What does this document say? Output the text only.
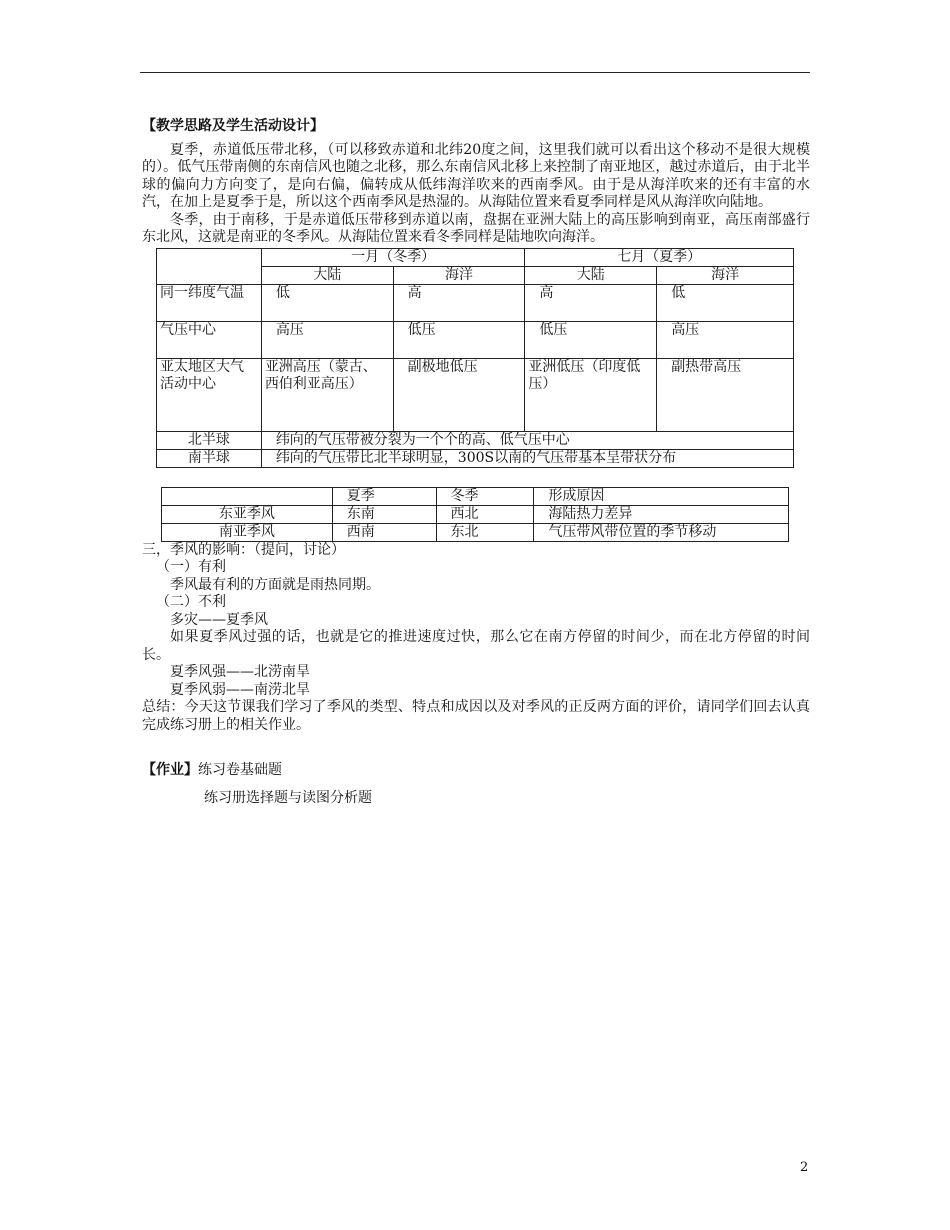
【教学思路及学生活动设计】

夏季，赤道低压带北移，（可以移致赤道和北纬20度之间，这里我们就可以看出这个移动不是很大规模的）。低气压带南侧的东南信风也随之北移，那么东南信风北移上来控制了南亚地区，越过赤道后，由于北半球的偏向力方向变了，是向右偏，偏转成从低纬海洋吹来的西南季风。由于是从海洋吹来的还有丰富的水汽，在加上是夏季于是，所以这个西南季风是热湿的。从海陆位置来看夏季同样是风从海洋吹向陆地。

冬季，由于南移，于是赤道低压带移到赤道以南，盘据在亚洲大陆上的高压影响到南亚，高压南部盛行东北风，这就是南亚的冬季风。从海陆位置来看冬季同样是陆地吹向海洋。

	一月（冬季）		七月（夏季）	
	大陆	海洋	大陆	海洋
同一纬度气温	低	高	高	低
气压中心	高压	低压	低压	高压
亚太地区大气活动中心	亚洲高压（蒙古、西伯利亚高压）	副极地低压	亚洲低压（印度低压）	副热带高压
北半球	纬向的气压带被分裂为一个个的高、低气压中心			
南半球	纬向的气压带比北半球明显，300S以南的气压带基本呈带状分布			
	夏季	冬季	形成原因
东亚季风	东南	西北	海陆热力差异
南亚季风	西南	东北	气压带风带位置的季节移动

三，季风的影响：（提问，讨论）

（一）有利

季风最有利的方面就是雨热同期。

（二）不利

多灾——夏季风

如果夏季风过强的话，也就是它的推进速度过快，那么它在南方停留的时间少，而在北方停留的时间长。

夏季风强——北涝南旱

夏季风弱——南涝北旱

总结：今天这节课我们学习了季风的类型、特点和成因以及对季风的正反两方面的评价，请同学们回去认真完成练习册上的相关作业。

【作业】练习卷基础题

练习册选择题与读图分析题

2
